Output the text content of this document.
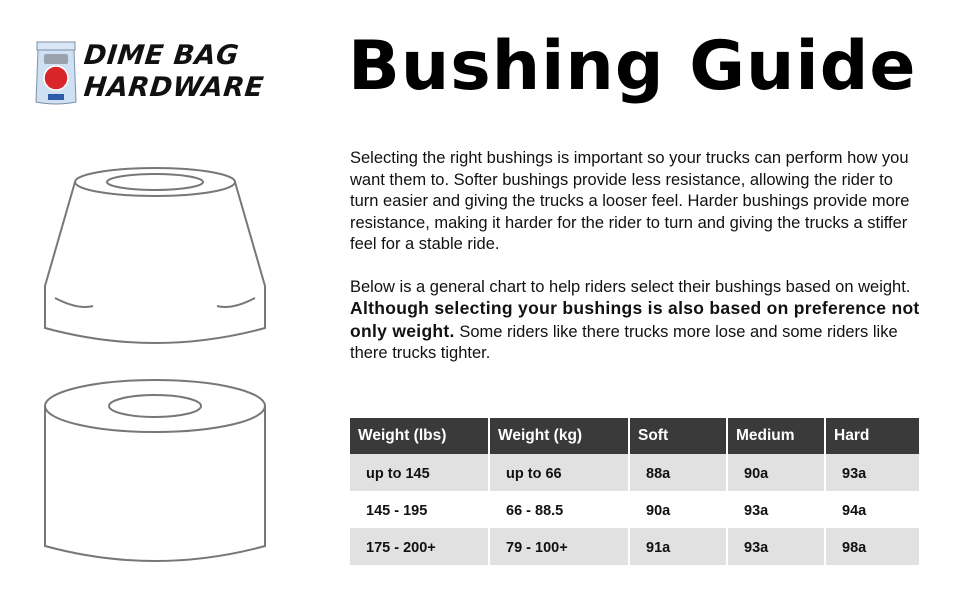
DIME BAG
HARDWARE Bushing Guide

Selecting the right bushings is important so your trucks can perform how you want them to. Softer bushings provide less resistance, allowing the rider to turn easier and giving the trucks a looser feel. Harder bushings provide more resistance, making it harder for the rider to turn and giving the trucks a stiffer feel for a stable ride.

Below is a general chart to help riders select their bushings based on weight. Although selecting your bushings is also based on preference not only weight. Some riders like there trucks more lose and some riders like there trucks tighter.

Weight (lbs)	Weight (kg)	Soft	Medium	Hard
up to 145	up to 66	88a	90a	93a
145 - 195	66 - 88.5	90a	93a	94a
175 - 200+	79 - 100+	91a	93a	98a
